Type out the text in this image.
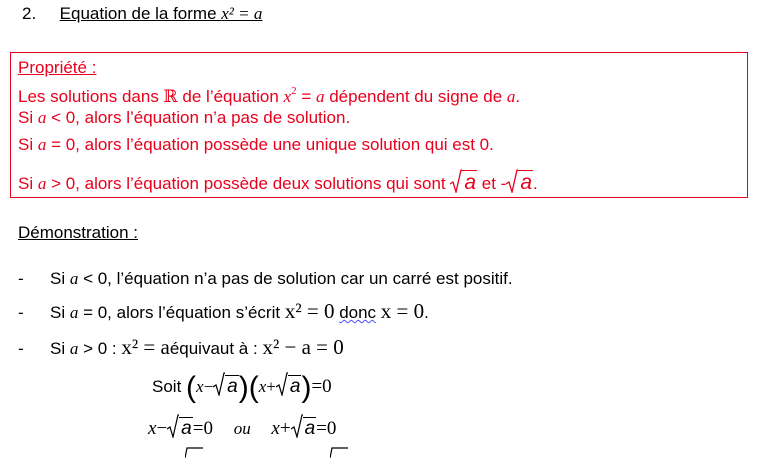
2. Equation de la forme x² = a
Propriété :
Les solutions dans ℝ de l’équation $x^2 = a$ dépendent du signe de a.
Si a < 0, alors l’équation n’a pas de solution.
Si a = 0, alors l’équation possède une unique solution qui est 0.
Si a > 0, alors l’équation possède deux solutions qui sont a et - a.
Démonstration :
- Si a < 0, l’équation n’a pas de solution car un carré est positif.
- Si a = 0, alors l’équation s’écrit x² = 0 donc x = 0.
- Si a > 0 : x² = aéquivaut à : x² − a = 0
Soit (x− a)(x+ a)=0
x− a=0 ou x+ a=0
